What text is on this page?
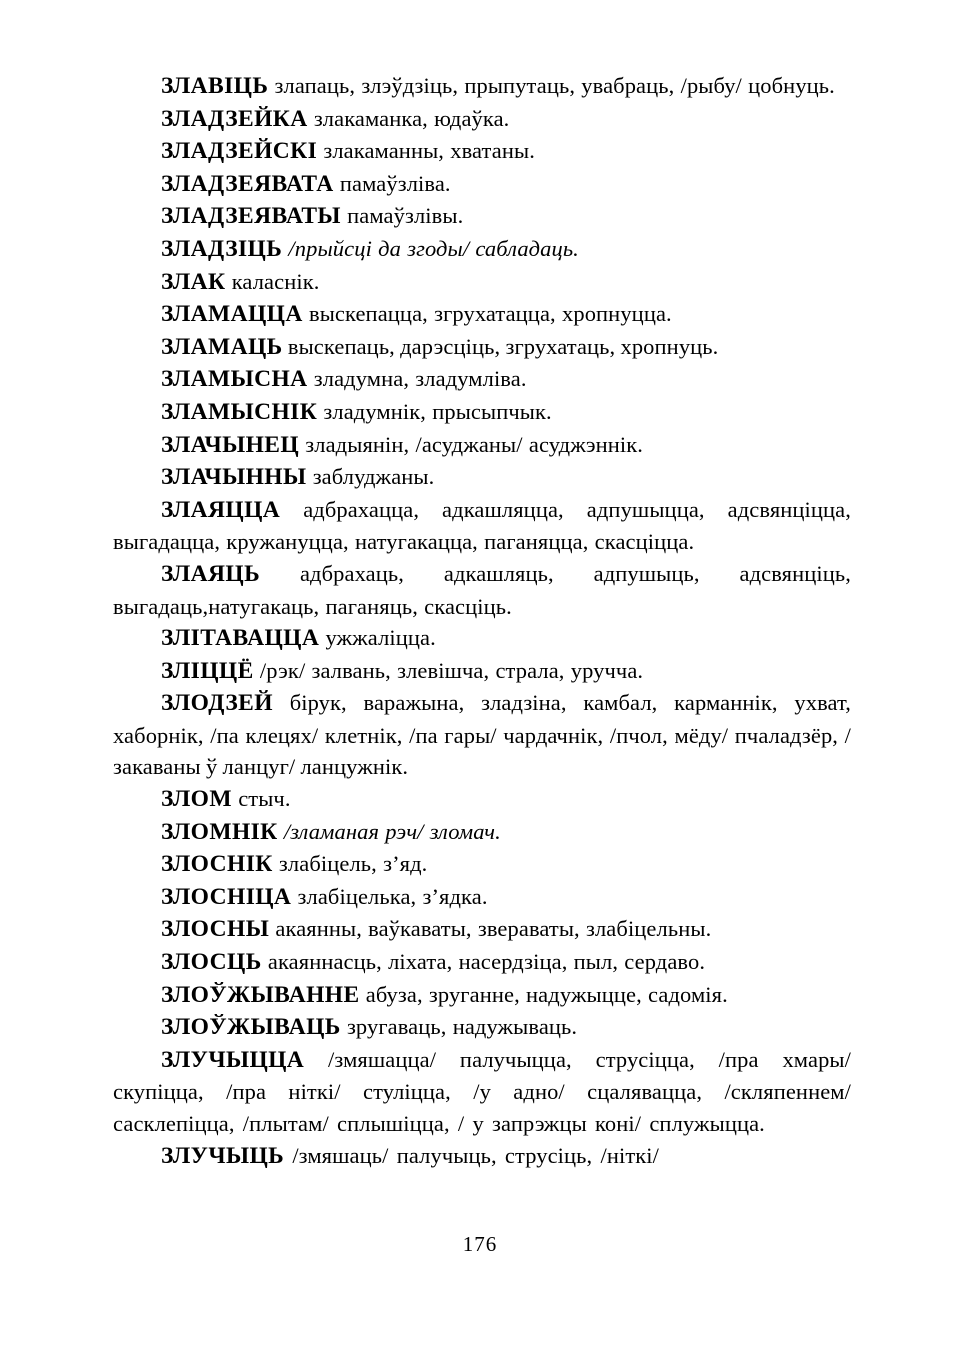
ЗЛАВІЦЬ злапаць, злэўдзіць, прыпутаць, увабраць, /рыбу/ цобнуць.

ЗЛАДЗЕЙКА злакаманка, юдаўка.

ЗЛАДЗЕЙСКІ злакаманны, хватаны.

ЗЛАДЗЕЯВАТА памаўзліва.

ЗЛАДЗЕЯВАТЫ памаўзлівы.

ЗЛАДЗІЦЬ /прыйсці да згоды/ сабладаць.

ЗЛАК каласнік.

ЗЛАМАЦЦА выскепацца, згрухатацца, хропнуцца.

ЗЛАМАЦЬ выскепаць, дарэсціць, згрухатаць, хропнуць.

ЗЛАМЫСНА зладумна, зладумліва.

ЗЛАМЫСНІК зладумнік, прысыпчык.

ЗЛАЧЫНЕЦ зладыянін, /асуджаны/ асуджэннік.

ЗЛАЧЫННЫ заблуджаны.

ЗЛАЯЦЦА адбрахацца, адкашляцца, адпушыцца, адсвянціцца, выгадацца, кружануцца, натугакацца, паганяцца, скасціцца.

ЗЛАЯЦЬ адбрахаць, адкашляць, адпушыць, адсвянціць, выгадаць,натугакаць, паганяць, скасціць.

ЗЛІТАВАЦЦА ужжаліцца.

ЗЛІЦЦЁ /рэк/ залвань, злевішча, страла, уручча.

ЗЛОДЗЕЙ бірук, варажына, зладзіна, камбал, карманнік, ухват, хаборнік, /па клецях/ клетнік, /па гары/ чардачнік, /пчол, мёду/ пчаладзёр, /закаваны ў ланцуг/ ланцужнік.

ЗЛОМ стыч.

ЗЛОМНІК /зламаная рэч/ зломач.

ЗЛОСНІК злабіцель, з’яд.

ЗЛОСНІЦА злабіцелька, з’ядка.

ЗЛОСНЫ акаянны, ваўкаваты, звераваты, злабіцельны.

ЗЛОСЦЬ акаяннасць, ліхата, насердзіца, пыл, сердаво.

ЗЛОЎЖЫВАННЕ абуза, зруганне, надужыцце, садомія.

ЗЛОЎЖЫВАЦЬ зругаваць, надужываць.

ЗЛУЧЫЦЦА /змяшацца/ палучыцца, струсіцца, /пра хмары/ скупіцца, /пра ніткі/ стуліцца, /у адно/ сцалявацца, /скляпеннем/ сасклепіцца, /плытам/ сплышіцца, / у запрэжцы коні/ сплужыцца.

ЗЛУЧЫЦЬ /змяшаць/ палучыць, струсіць, /ніткі/

176
